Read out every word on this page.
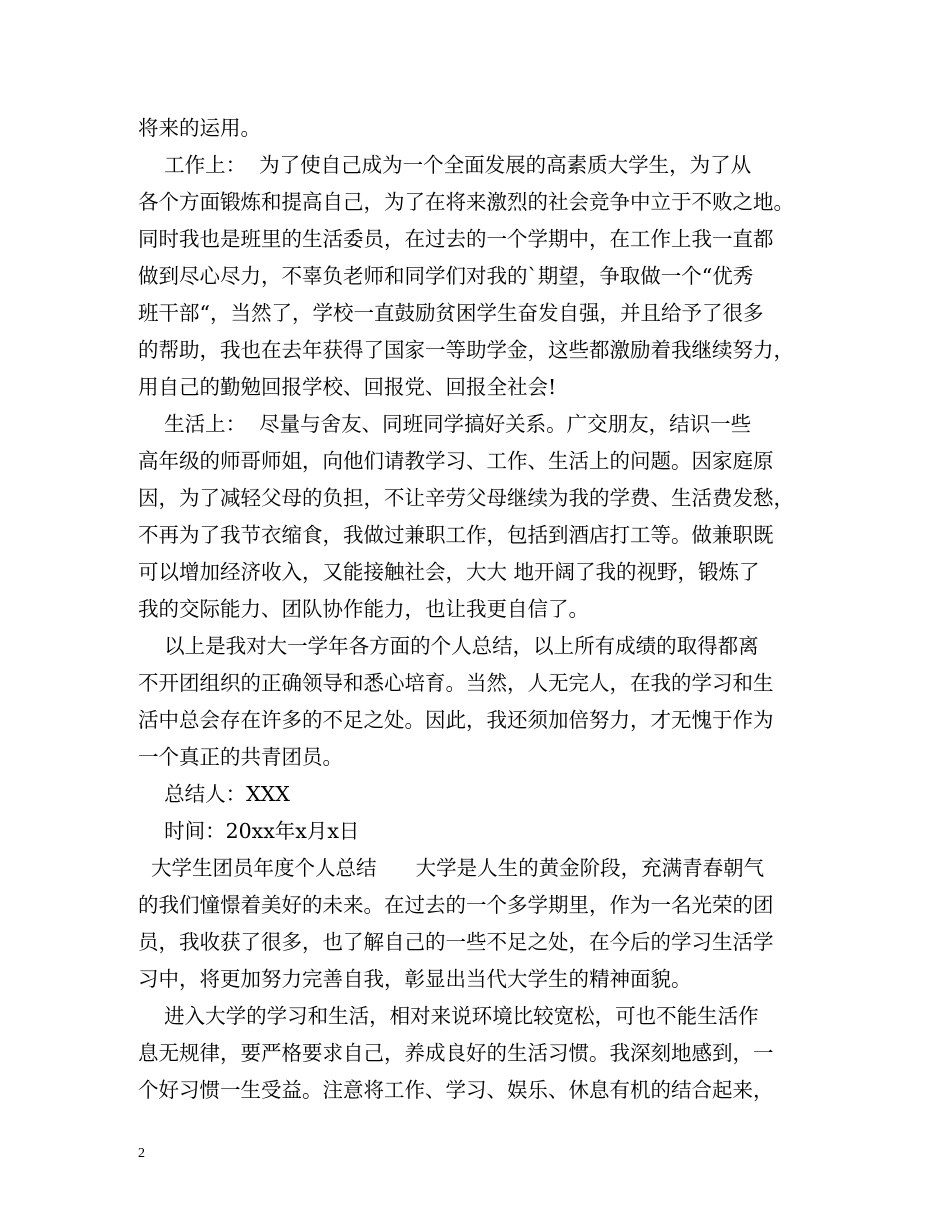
将来的运用。
工作上：  为了使自己成为一个全面发展的高素质大学生，为了从
各个方面锻炼和提高自己，为了在将来激烈的社会竞争中立于不败之地。
同时我也是班里的生活委员，在过去的一个学期中，在工作上我一直都
做到尽心尽力，不辜负老师和同学们对我的`期望，争取做一个“优秀
班干部“，当然了，学校一直鼓励贫困学生奋发自强，并且给予了很多
的帮助，我也在去年获得了国家一等助学金，这些都激励着我继续努力，
用自己的勤勉回报学校、回报党、回报全社会!
生活上：  尽量与舍友、同班同学搞好关系。广交朋友，结识一些
高年级的师哥师姐，向他们请教学习、工作、生活上的问题。因家庭原
因，为了减轻父母的负担，不让辛劳父母继续为我的学费、生活费发愁，
不再为了我节衣缩食，我做过兼职工作，包括到酒店打工等。做兼职既
可以增加经济收入，又能接触社会，大大 地开阔了我的视野，锻炼了
我的交际能力、团队协作能力，也让我更自信了。
以上是我对大一学年各方面的个人总结，以上所有成绩的取得都离
不开团组织的正确领导和悉心培育。当然，人无完人，在我的学习和生
活中总会存在许多的不足之处。因此，我还须加倍努力，才无愧于作为
一个真正的共青团员。
总结人：XXX
时间：20xx年x月x日
大学生团员年度个人总结      大学是人生的黄金阶段，充满青春朝气
的我们憧憬着美好的未来。在过去的一个多学期里，作为一名光荣的团
员，我收获了很多，也了解自己的一些不足之处，在今后的学习生活学
习中，将更加努力完善自我，彰显出当代大学生的精神面貌。
进入大学的学习和生活，相对来说环境比较宽松，可也不能生活作
息无规律，要严格要求自己，养成良好的生活习惯。我深刻地感到，一
个好习惯一生受益。注意将工作、学习、娱乐、休息有机的结合起来，
2
